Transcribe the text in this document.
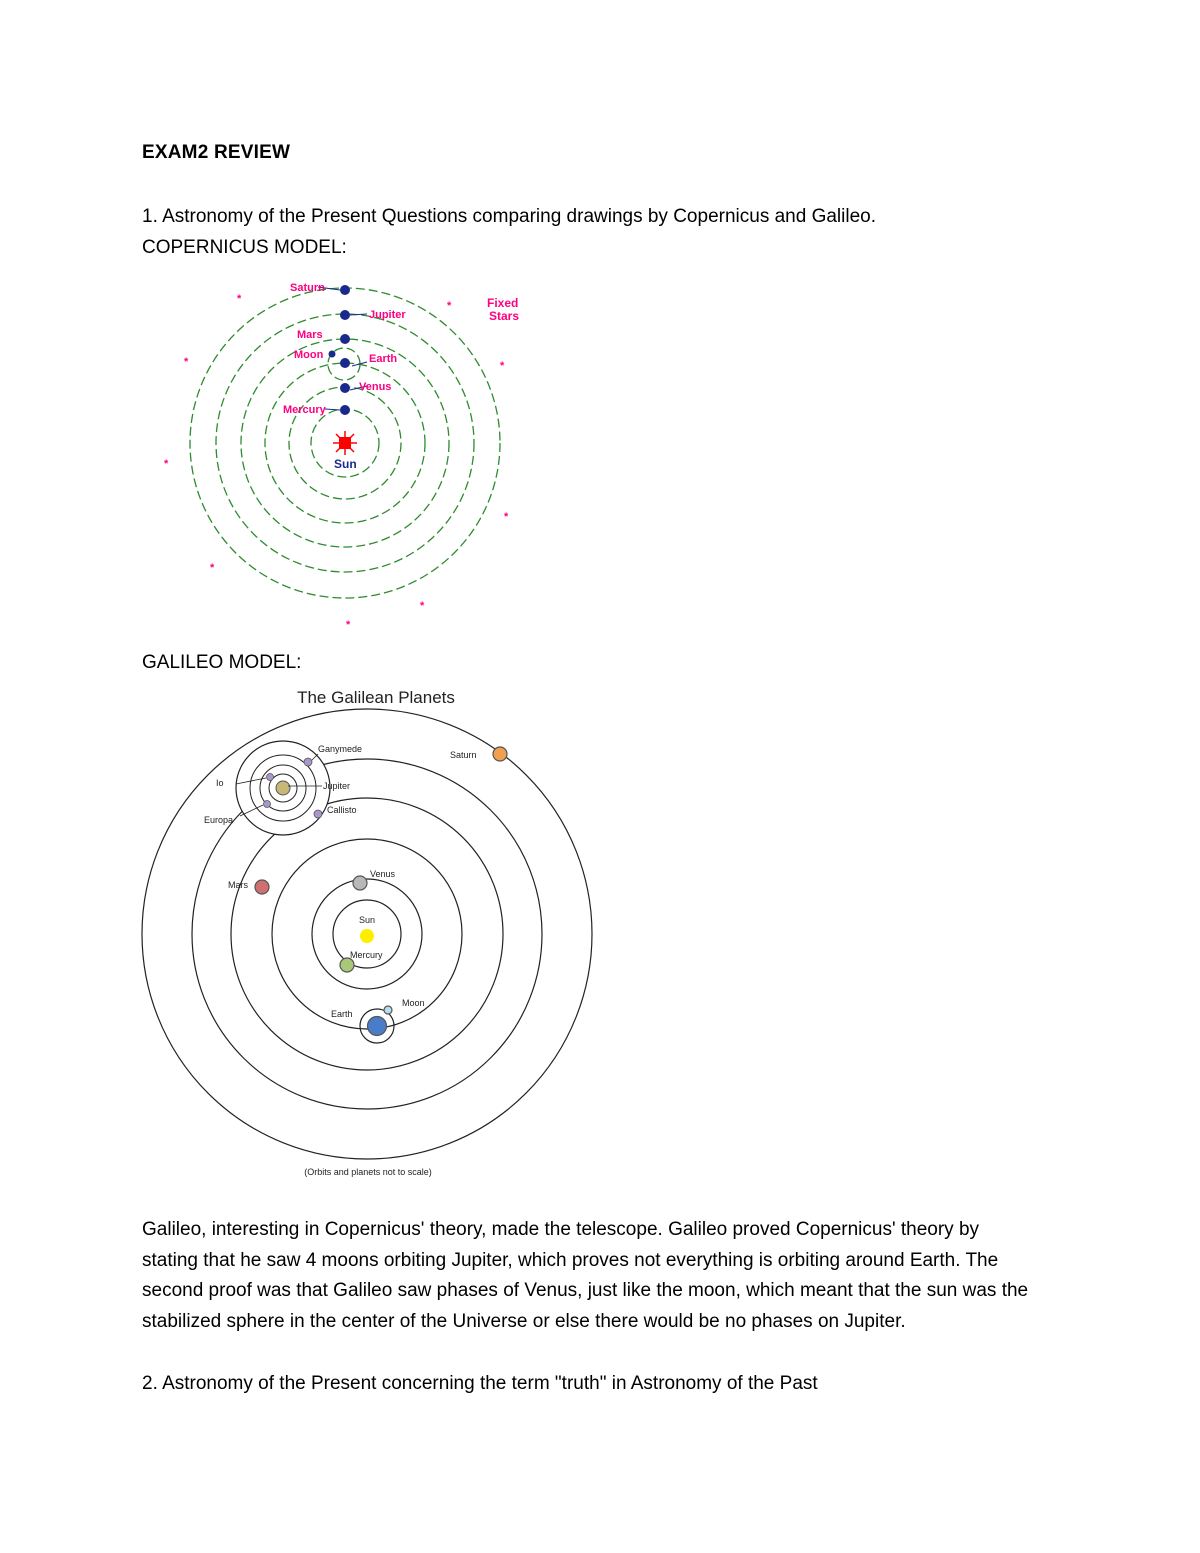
EXAM2 REVIEW
1. Astronomy of the Present Questions comparing drawings by Copernicus and Galileo.
COPERNICUS MODEL:
Saturn
Jupiter
Mars
Moon	Earth
Venus
Mercury
Fixed
Stars
Sun
*
*
*	*
*
*
*
*
*
GALILEO MODEL:
The Galilean Planets
Ganymede
Io	Jupiter
Callisto
Europa
Saturn
Mars
Venus
Sun
Mercury
Moon
Earth
(Orbits and planets not to scale)
Galileo, interesting in Copernicus' theory, made the telescope. Galileo proved Copernicus' theory by
stating that he saw 4 moons orbiting Jupiter, which proves not everything is orbiting around Earth. The
second proof was that Galileo saw phases of Venus, just like the moon, which meant that the sun was the
stabilized sphere in the center of the Universe or else there would be no phases on Jupiter.
2. Astronomy of the Present concerning the term "truth" in Astronomy of the Past
